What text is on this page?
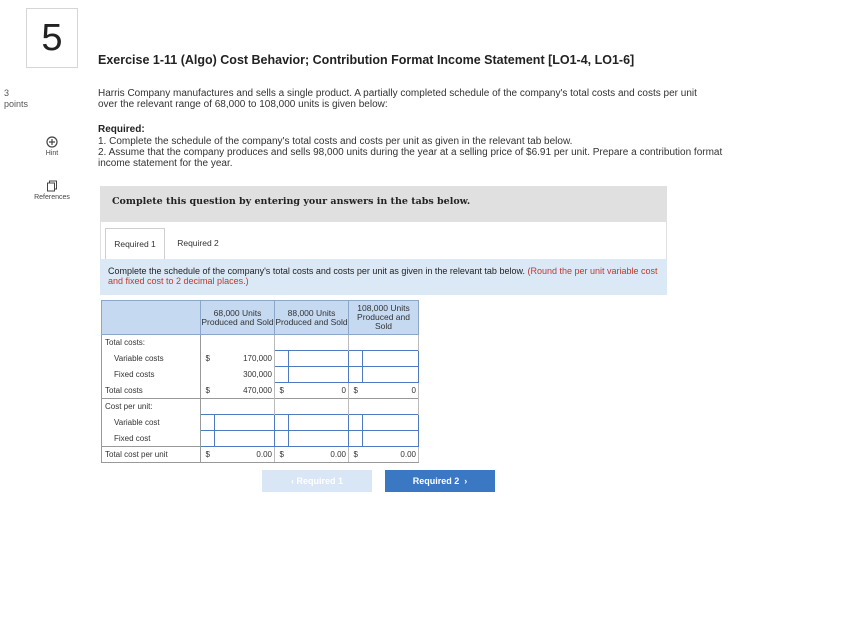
5
3
points
Hint
References
Exercise 1-11 (Algo) Cost Behavior; Contribution Format Income Statement [LO1-4, LO1-6]
Harris Company manufactures and sells a single product. A partially completed schedule of the company's total costs and costs per unit over the relevant range of 68,000 to 108,000 units is given below:
Required:
1. Complete the schedule of the company's total costs and costs per unit as given in the relevant tab below.
2. Assume that the company produces and sells 98,000 units during the year at a selling price of $6.91 per unit. Prepare a contribution format income statement for the year.
Complete this question by entering your answers in the tabs below.
Required 1	Required 2
Complete the schedule of the company's total costs and costs per unit as given in the relevant tab below. (Round the per unit variable cost and fixed cost to 2 decimal places.)
	68,000 Units Produced and Sold		88,000 Units Produced and Sold		108,000 Units Produced and Sold	
Total costs:						
Variable costs	$	170,000				
Fixed costs		300,000				
Total costs	$	470,000	$	0	$	0
Cost per unit:						
Variable cost						
Fixed cost						
Total cost per unit	$	0.00	$	0.00	$	0.00
‹ Required 1	Required 2 ›
